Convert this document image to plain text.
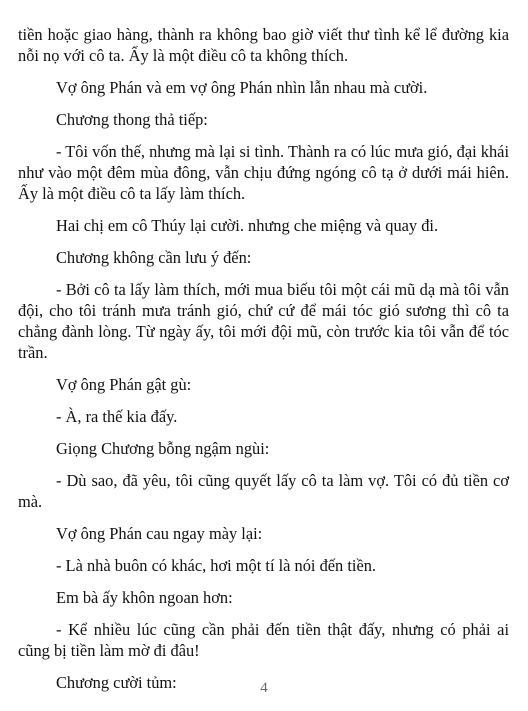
tiền hoặc giao hàng, thành ra không bao giờ viết thư tình kể lể đường kia nỗi nọ với cô ta. Ấy là một điều cô ta không thích.

Vợ ông Phán và em vợ ông Phán nhìn lẫn nhau mà cười.

Chương thong thả tiếp:

- Tôi vốn thế, nhưng mà lại si tình. Thành ra có lúc mưa gió, đại khái như vào một đêm mùa đông, vẫn chịu đứng ngóng cô tạ ở dưới mái hiên. Ấy là một điều cô ta lấy làm thích.

Hai chị em cô Thúy lại cười. nhưng che miệng và quay đi.

Chương không cần lưu ý đến:

- Bởi cô ta lấy làm thích, mới mua biếu tôi một cái mũ dạ mà tôi vẫn đội, cho tôi tránh mưa tránh gió, chứ cứ để mái tóc gió sương thì cô ta chẳng đành lòng. Từ ngày ấy, tôi mới đội mũ, còn trước kia tôi vẫn để tóc trần.

Vợ ông Phán gật gù:

- À, ra thế kia đấy.

Giọng Chương bỗng ngậm ngùi:

- Dù sao, đã yêu, tôi cũng quyết lấy cô ta làm vợ. Tôi có đủ tiền cơ mà.

Vợ ông Phán cau ngay mày lại:

- Là nhà buôn có khác, hơi một tí là nói đến tiền.

Em bà ấy khôn ngoan hơn:

- Kể nhiều lúc cũng cần phải đến tiền thật đấy, nhưng có phải ai cũng bị tiền làm mờ đi đâu!

Chương cười tủm:	4
